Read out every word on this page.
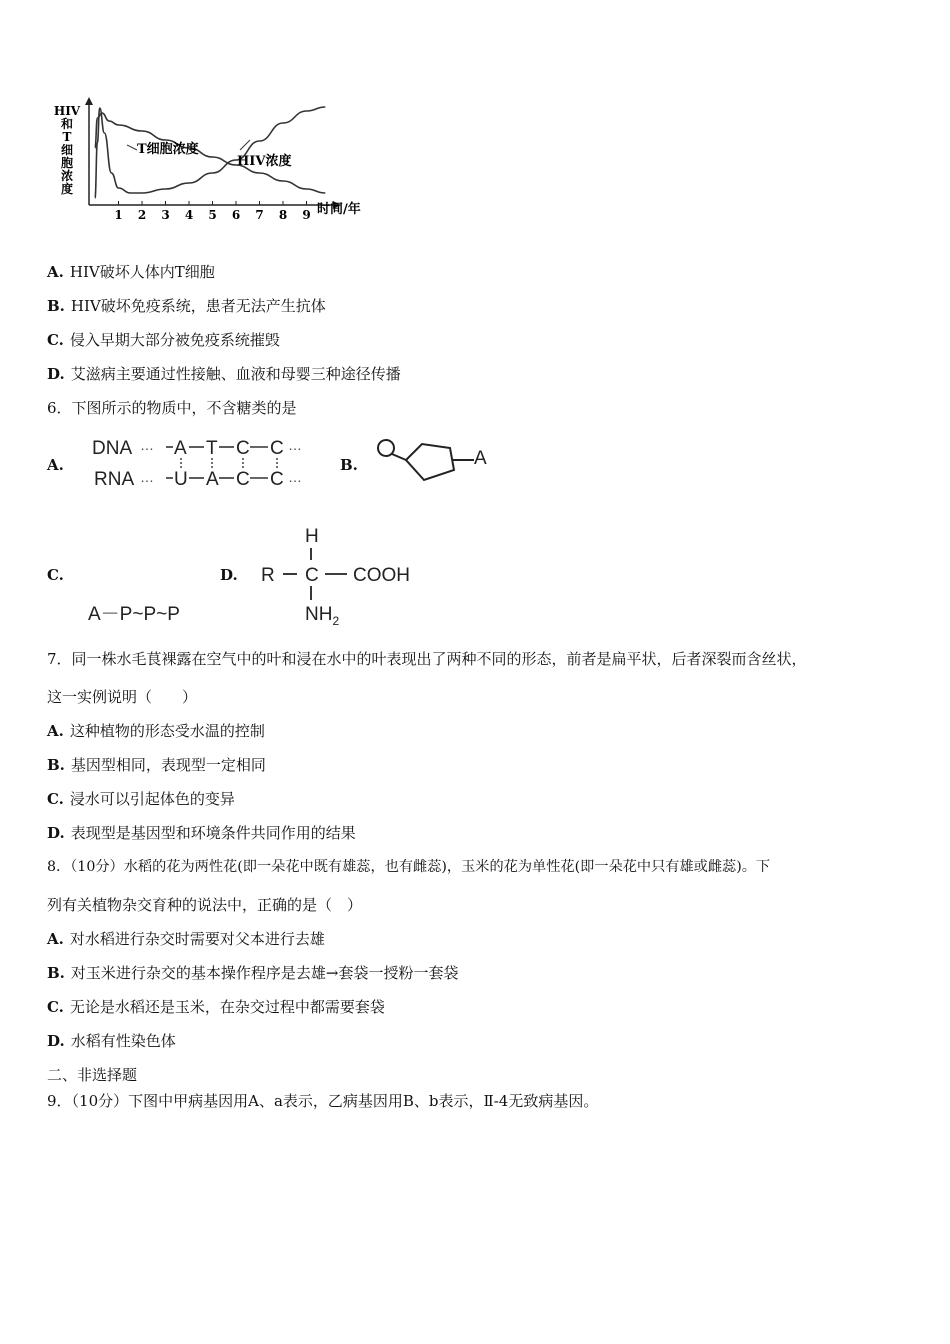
HIV 和 T 细胞浓度
1 2 3 4 5 6 7 8 9
T细胞浓度
HIV浓度
时间/年
A. HIV破坏人体内T细胞
B. HIV破坏免疫系统，患者无法产生抗体
C. 侵入早期大部分被免疫系统摧毁
D. 艾滋病主要通过性接触、血液和母婴三种途径传播
6．下图所示的物质中，不含糖类的是
A.
DNA
RNA
…
…
A T C C
U A C C
…
…
B.	A
C.
A－P~P~P
D.
H
R C COOH
$NH_2$
7．同一株水毛茛裸露在空气中的叶和浸在水中的叶表现出了两种不同的形态，前者是扁平状，后者深裂而含丝状，
这一实例说明（　　）
A. 这种植物的形态受水温的控制
B. 基因型相同，表现型一定相同
C. 浸水可以引起体色的变异
D. 表现型是基因型和环境条件共同作用的结果
8．（10分）水稻的花为两性花(即一朵花中既有雄蕊，也有雌蕊)，玉米的花为单性花(即一朵花中只有雄或雌蕊)。下
列有关植物杂交育种的说法中，正确的是（　）
A. 对水稻进行杂交时需要对父本进行去雄
B. 对玉米进行杂交的基本操作程序是去雄→套袋一授粉一套袋
C. 无论是水稻还是玉米，在杂交过程中都需要套袋
D. 水稻有性染色体
二、非选择题
9．（10分）下图中甲病基因用A、a表示，乙病基因用B、b表示，Ⅱ-4无致病基因。
